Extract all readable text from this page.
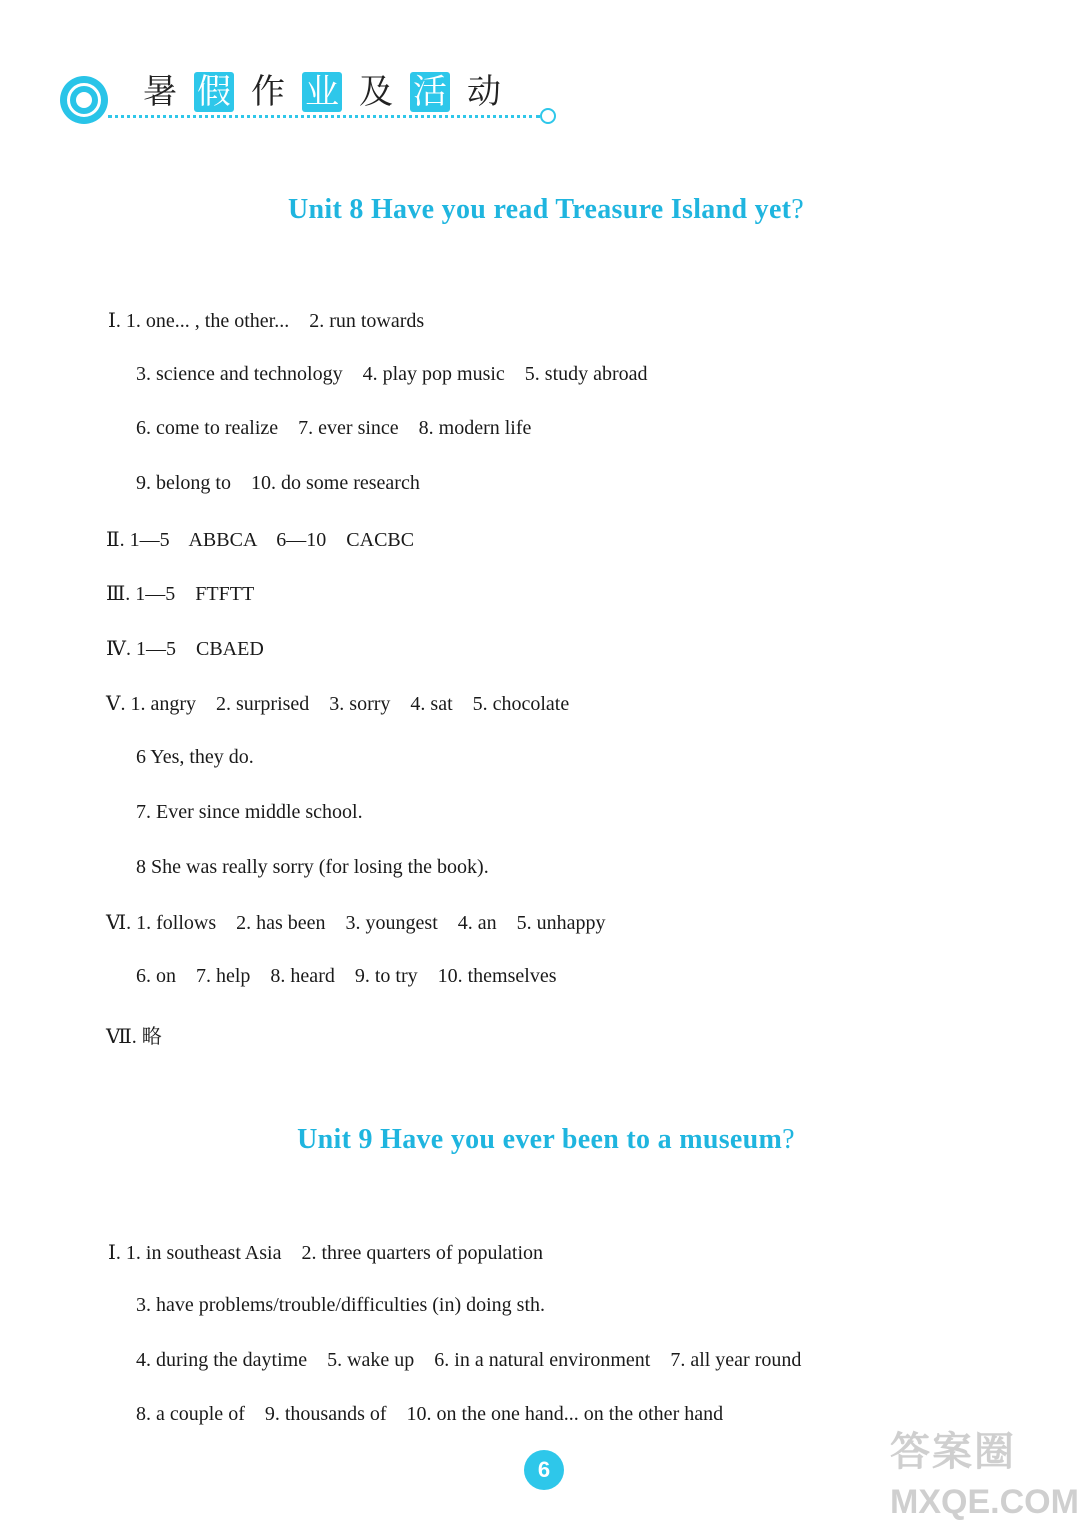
暑 假 作 业 及 活 动
Unit 8 Have you read Treasure Island yet?
Ⅰ. 1. one... , the other...    2. run towards
3. science and technology    4. play pop music    5. study abroad
6. come to realize    7. ever since    8. modern life
9. belong to    10. do some research
Ⅱ. 1—5    ABBCA    6—10    CACBC
Ⅲ. 1—5    FTFTT
Ⅳ. 1—5    CBAED
Ⅴ. 1. angry    2. surprised    3. sorry    4. sat    5. chocolate
6 Yes, they do.
7. Ever since middle school.
8 She was really sorry (for losing the book).
Ⅵ. 1. follows    2. has been    3. youngest    4. an    5. unhappy
6. on    7. help    8. heard    9. to try    10. themselves
Ⅶ. 略
Unit 9 Have you ever been to a museum?
Ⅰ. 1. in southeast Asia    2. three quarters of population
3. have problems/trouble/difficulties (in) doing sth.
4. during the daytime    5. wake up    6. in a natural environment    7. all year round
8. a couple of    9. thousands of    10. on the one hand... on the other hand
6	答案圈
MXQE.COM
